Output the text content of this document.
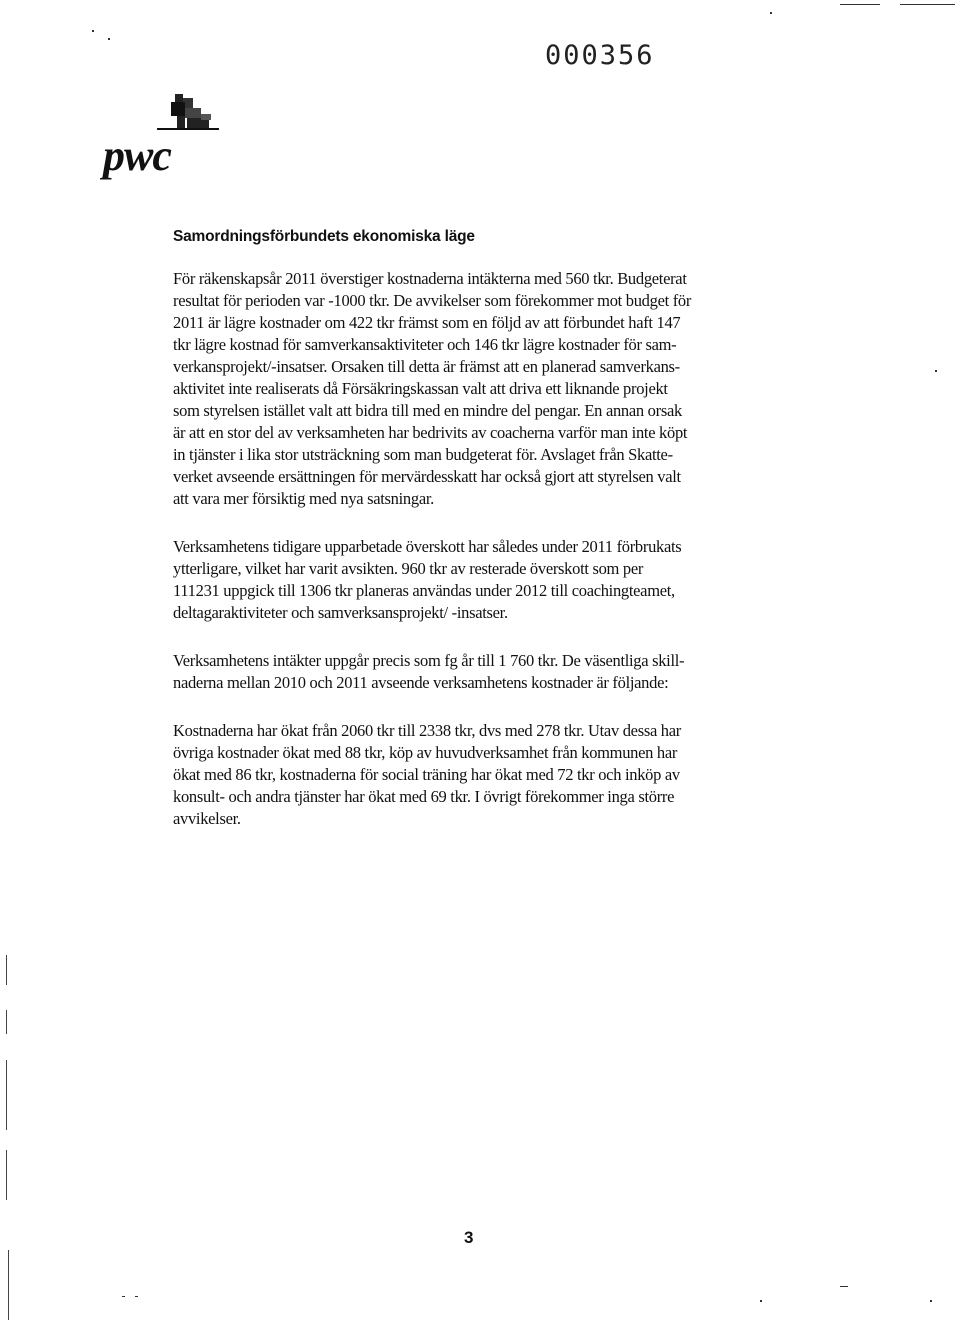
000356
pwc
Samordningsförbundets ekonomiska läge
För räkenskapsår 2011 överstiger kostnaderna intäkterna med 560 tkr. Budgeterat
resultat för perioden var -1000 tkr. De avvikelser som förekommer mot budget för
2011 är lägre kostnader om 422 tkr främst som en följd av att förbundet haft 147
tkr lägre kostnad för samverkansaktiviteter och 146 tkr lägre kostnader för sam-
verkansprojekt/-insatser. Orsaken till detta är främst att en planerad samverkans-
aktivitet inte realiserats då Försäkringskassan valt att driva ett liknande projekt
som styrelsen istället valt att bidra till med en mindre del pengar. En annan orsak
är att en stor del av verksamheten har bedrivits av coacherna varför man inte köpt
in tjänster i lika stor utsträckning som man budgeterat för. Avslaget från Skatte-
verket avseende ersättningen för mervärdesskatt har också gjort att styrelsen valt
att vara mer försiktig med nya satsningar.
Verksamhetens tidigare upparbetade överskott har således under 2011 förbrukats
ytterligare, vilket har varit avsikten. 960 tkr av resterade överskott som per
111231 uppgick till 1306 tkr planeras användas under 2012 till coachingteamet,
deltagaraktiviteter och samverksansprojekt/ -insatser.
Verksamhetens intäkter uppgår precis som fg år till 1 760 tkr. De väsentliga skill-
naderna mellan 2010 och 2011 avseende verksamhetens kostnader är följande:
Kostnaderna har ökat från 2060 tkr till 2338 tkr, dvs med 278 tkr. Utav dessa har
övriga kostnader ökat med 88 tkr, köp av huvudverksamhet från kommunen har
ökat med 86 tkr, kostnaderna för social träning har ökat med 72 tkr och inköp av
konsult- och andra tjänster har ökat med 69 tkr. I övrigt förekommer inga större
avvikelser.
3
